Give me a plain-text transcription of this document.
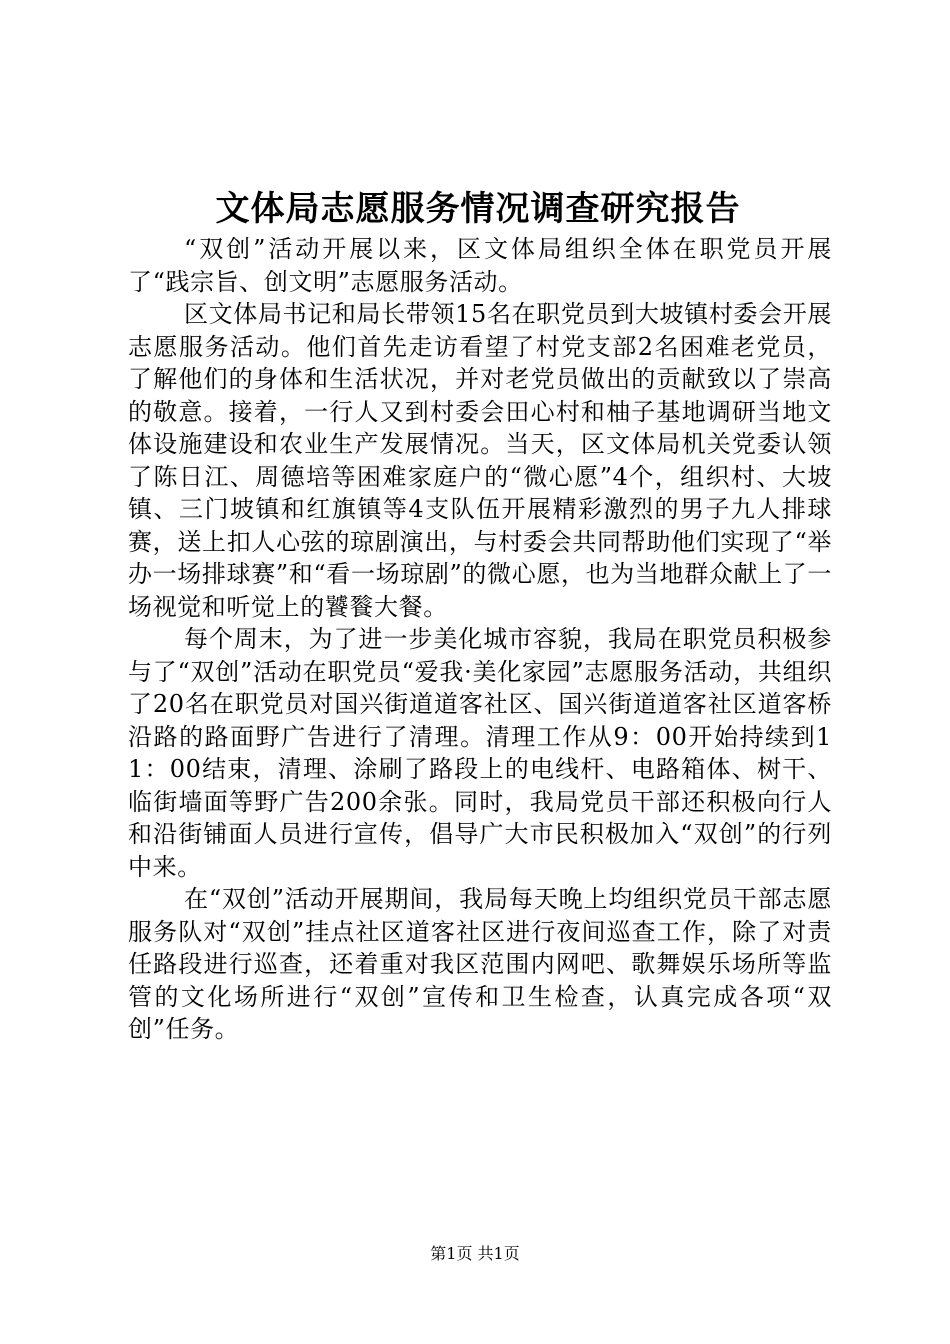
文体局志愿服务情况调查研究报告

“双创”活动开展以来，区文体局组织全体在职党员开展了“践宗旨、创文明”志愿服务活动。

区文体局书记和局长带领15名在职党员到大坡镇村委会开展志愿服务活动。他们首先走访看望了村党支部2名困难老党员，了解他们的身体和生活状况，并对老党员做出的贡献致以了崇高的敬意。接着，一行人又到村委会田心村和柚子基地调研当地文体设施建设和农业生产发展情况。当天，区文体局机关党委认领了陈日江、周德培等困难家庭户的“微心愿”4个，组织村、大坡镇、三门坡镇和红旗镇等4支队伍开展精彩激烈的男子九人排球赛，送上扣人心弦的琼剧演出，与村委会共同帮助他们实现了“举办一场排球赛”和“看一场琼剧”的微心愿，也为当地群众献上了一场视觉和听觉上的饕餮大餐。

每个周末，为了进一步美化城市容貌，我局在职党员积极参与了“双创”活动在职党员“爱我·美化家园”志愿服务活动，共组织了20名在职党员对国兴街道道客社区、国兴街道道客社区道客桥沿路的路面野广告进行了清理。清理工作从9：00开始持续到11：00结束，清理、涂刷了路段上的电线杆、电路箱体、树干、临街墙面等野广告200余张。同时，我局党员干部还积极向行人和沿街铺面人员进行宣传，倡导广大市民积极加入“双创”的行列中来。

在“双创”活动开展期间，我局每天晚上均组织党员干部志愿服务队对“双创”挂点社区道客社区进行夜间巡查工作，除了对责任路段进行巡查，还着重对我区范围内网吧、歌舞娱乐场所等监管的文化场所进行“双创”宣传和卫生检查，认真完成各项“双创”任务。

第1页 共1页
